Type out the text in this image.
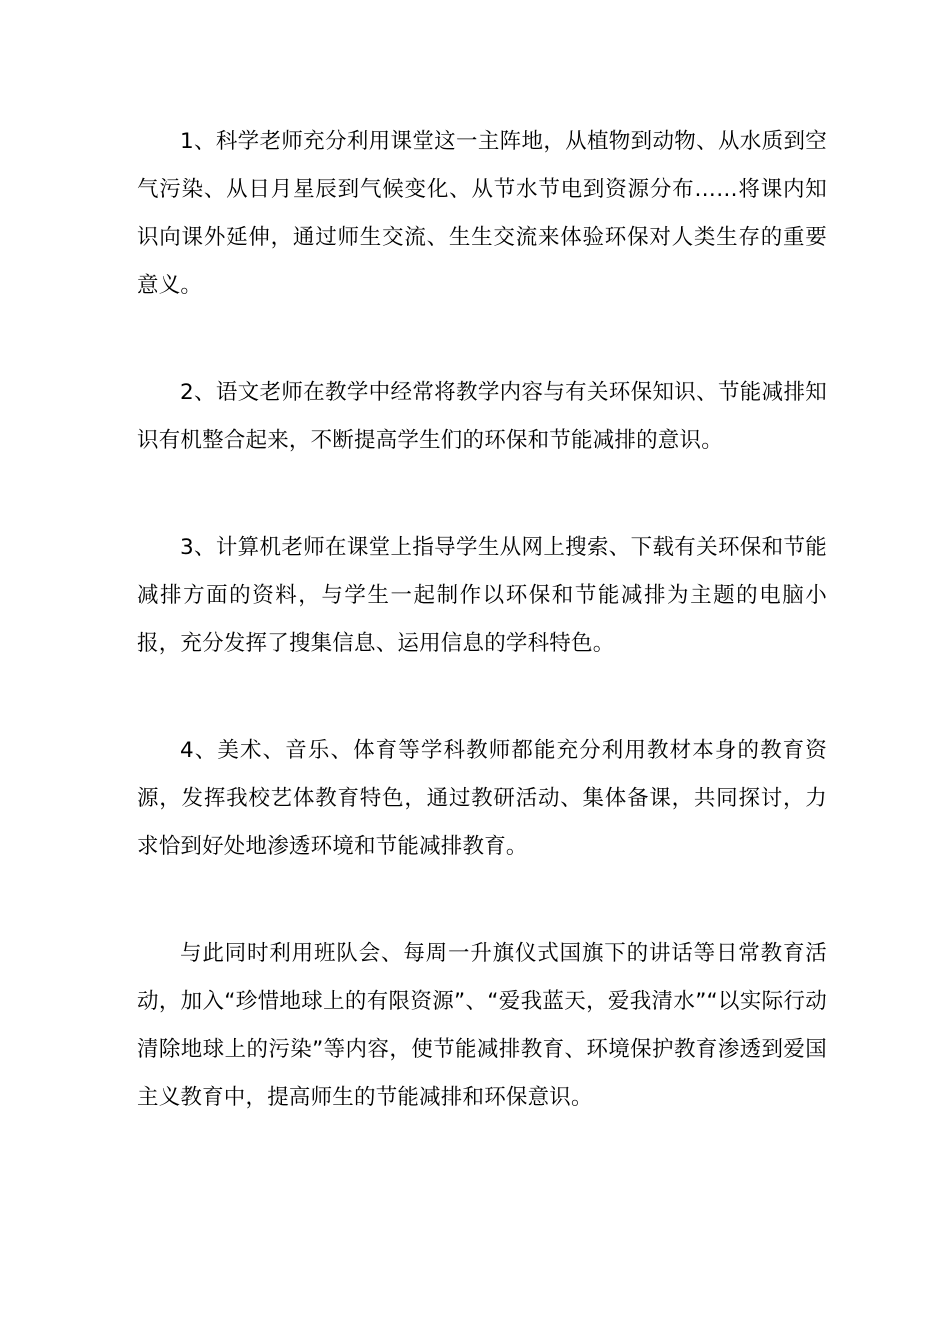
1、科学老师充分利用课堂这一主阵地，从植物到动物、从水质到空气污染、从日月星辰到气候变化、从节水节电到资源分布……将课内知识向课外延伸，通过师生交流、生生交流来体验环保对人类生存的重要意义。

2、语文老师在教学中经常将教学内容与有关环保知识、节能减排知识有机整合起来，不断提高学生们的环保和节能减排的意识。

3、计算机老师在课堂上指导学生从网上搜索、下载有关环保和节能减排方面的资料，与学生一起制作以环保和节能减排为主题的电脑小报，充分发挥了搜集信息、运用信息的学科特色。

4、美术、音乐、体育等学科教师都能充分利用教材本身的教育资源，发挥我校艺体教育特色，通过教研活动、集体备课，共同探讨，力求恰到好处地渗透环境和节能减排教育。

与此同时利用班队会、每周一升旗仪式国旗下的讲话等日常教育活动，加入“珍惜地球上的有限资源”、“爱我蓝天，爱我清水”“以实际行动清除地球上的污染”等内容，使节能减排教育、环境保护教育渗透到爱国主义教育中，提高师生的节能减排和环保意识。
